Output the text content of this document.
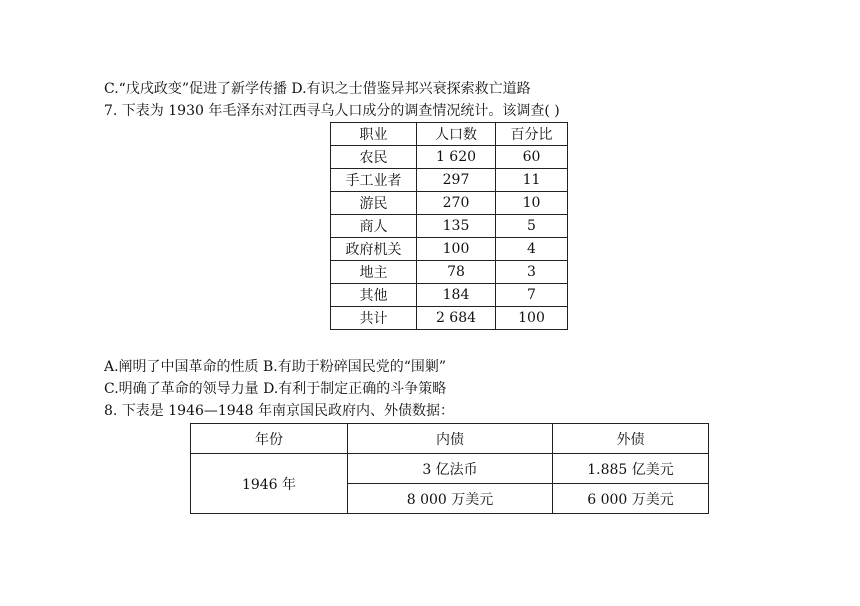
C.“戊戌政变”促进了新学传播 D.有识之士借鉴异邦兴衰探索救亡道路
7. 下表为 1930 年毛泽东对江西寻乌人口成分的调查情况统计。该调查( )
职业	人口数	百分比
农民	1 620	60
手工业者	297	11
游民	270	10
商人	135	5
政府机关	100	4
地主	78	3
其他	184	7
共计	2 684	100
A.阐明了中国革命的性质 B.有助于粉碎国民党的“围剿”
C.明确了革命的领导力量 D.有利于制定正确的斗争策略
8. 下表是 1946—1948 年南京国民政府内、外债数据：
年份	内债	外债
1946 年	3 亿法币	1.885 亿美元
	8 000 万美元	6 000 万美元
